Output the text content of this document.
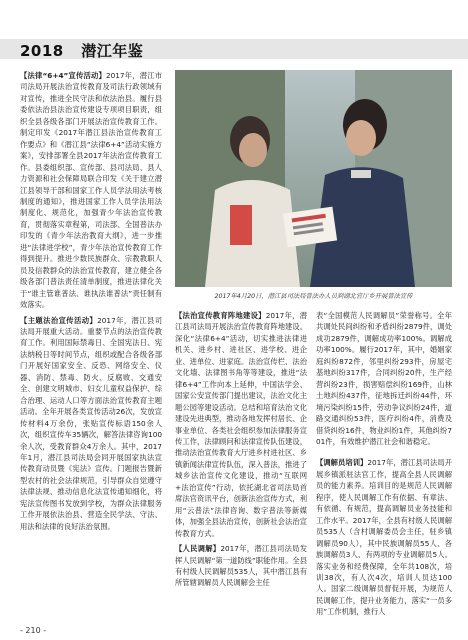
2018 潜江年鉴

【法律“6+4”宣传活动】2017年，潜江市司法局开展法治宣传教育及司法行政领域有对宣传，推进全民守法和依法治县。履行县委依法治县法治宣传建设专项项目职责，组织全县各级各部门开展法治宣传教育工作。制定印发《2017年潜江县法治宣传教育工作要点》和《潜江县“法律6+4”活动实施方案》，安排部署全县2017年法治宣传教育工作。县委组织部、宣传部、县司法局、县人力资源和社会保障局联合印发《关于建立潜江县领导干部和国家工作人员学法用法考核制度的通知》，推进国家工作人员学法用法制度化、规范化，加强青少年法治宣传教育，贯彻落实章程第，司法部、全国普法办印发的《青少年法治教育大纲》，进一步推进“法律进学校”，青少年法治宣传教育工作得到提升。推进少数民族群众、宗教教职人员及信教群众的法治宣传教育，建立健全各级各部门普法责任清单制度，推进法律化关于“谁主管谁普法、谁执法谁普法”责任制有效落实。

【主题法治宣传活动】2017年，潜江县司法局开展重大活动。重要节点的法治宣传教育工作。利用国际禁毒日、全国宪法日、宪法纳税日等时间节点，组织或配合各级各部门开展好国家安全、反恐、网络安全、仪器、消防、禁毒、防火、反腐败、交通安全、创建文明城市、妇女儿童权益保护、综合治理、运动人口等方面法治宣传教育主题活动。全年开展各类宣传活动26次，发放宣传材料4万余份，张贴宣传标语150余人次，组织宣传车35辆次，解答法律咨询100余人次，受教育群众4万余人。其中，2017年1月，潜江县司法局会同开展国家执法宣传教育动员暨《宪法》宣传。门题报告暨新型农村的社会法律规范，引导群众自觉遵守法律法规、推动信息化法宣传通知细化，将宪法宣传图书发放到学校，为群众法律服务工作开展依法治县、营造全民学法、守法、用法和法律的良好法治氛围。

2017年4月20日，潜江县司法局普法办人员到湖北官厅乡开展普法宣传

【法治宣传教育阵地建设】2017年，潜江县司法局开展法治宣传教育阵地建设。深化“法律6+4”活动，切实推进法律进机关、进乡村、进社区、进学校、进企业、进单位、进家庭。法治宣传栏、法治文化墙、法律图书角等等建设，推进“法律6+4”工作向本上延伸，中国法学会、国家公安宣传部门提出建议，法治文化主题公园等建设活动。总结和培育法治文化建设先进典型，推动各地发挥村居长、企事业单位、各类社会组织参加法律服务宣传工作，法律顾问和法律宣传队伍建设，推动法治宣传教育大厅进乡村进社区、乡镇新闻法律宣传队伍，深入普法，推进了城乡法治宣传文化建设，推动“互联网+法治宣传”行动，依托湖北省司法局首席法官资讯平台，创新法治宣传方式，利用“云普法”法律咨询、数字普法等新媒体，加强全县法治宣传，创新社会法治宣传教育方式。

【人民调解】2017年，潜江县司法局发挥人民调解“第一道防线”职能作用。全县有村级人民调解员535人，其中潜江县有所管辖调解员人民调解会主任

表“全国模范人民调解员”荣誉称号。全年共调处民间纠纷和矛盾纠纷2879件，调处成功2879件，调解成功率100%。调解成功率100%。履行2017年，其中，婚姻家庭纠纷872件，邻里纠纷293件，房屋宅基地纠纷317件，合同纠纷20件，生产经营纠纷23件，损害赔偿纠纷169件，山林土地纠纷437件，征地拆迁纠纷44件，环境污染纠纷15件，劳动争议纠纷24件，道路交通纠纷53件，医疗纠纷4件，消费及借贷纠纷16件，物业纠纷1件，其他纠纷701件，有效维护潜江社会和谐稳定。

【调解员培训】2017年，潜江县司法局开展乡镇派驻法官工作，提高全县人民调解员的能力素养。培训目的是规范人民调解程序，使人民调解工作有依据、有章法、有依循、有规范，提高调解员业务技能和工作水平。2017年，全县有村级人民调解员535人（含村调解委员会主任，驻乡镇调解员90人），其中民族调解员55人、各族调解员3人、有两项的专业调解员5人。落实业务和经费保障，全年共108次，培训38次，有人次4次，培训人员达100人。国家二级调解员督促开展，为规范人民调解工作，提升业务能力，落实“一员多用”工作机制，推行人

- 210 -
